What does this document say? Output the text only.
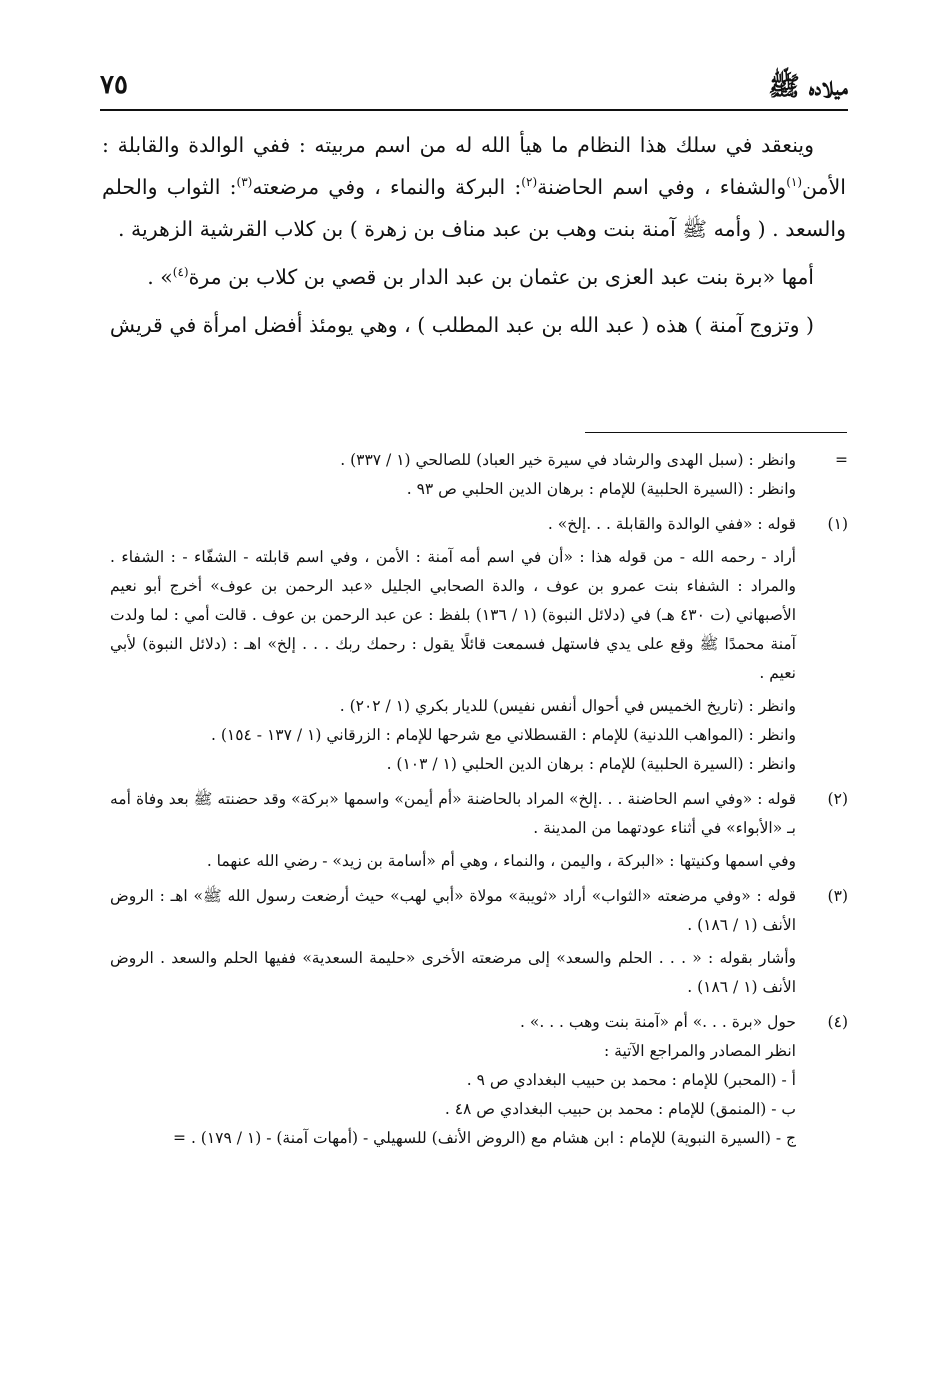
ميلاده ﷺ
٧٥

وينعقد في سلك هذا النظام ما هيأ الله له من اسم مربيته : ففي الوالدة والقابلة : الأمن$^{(١)}$والشفاء ، وفي اسم الحاضنة$^{(٢)}$: البركة والنماء ، وفي مرضعته$^{(٣)}$: الثواب والحلم والسعد . ( وأمه ﷺ آمنة بنت وهب بن عبد مناف بن زهرة ) بن كلاب القرشية الزهرية .

أمها «برة بنت عبد العزى بن عثمان بن عبد الدار بن قصي بن كلاب بن مرة$^{(٤)}$» .

( وتزوج آمنة ) هذه ( عبد الله بن عبد المطلب ) ، وهي يومئذ أفضل امرأة في قريش

=

وانظر : (سبل الهدى والرشاد في سيرة خير العباد) للصالحي (١ / ٣٣٧) .

وانظر : (السيرة الحلبية) للإمام : برهان الدين الحلبي ص ٩٣ .

(١)

قوله : «ففي الوالدة والقابلة . . .إلخ» .

أراد - رحمه الله - من قوله هذا : «أن في اسم أمه آمنة : الأمن ، وفي اسم قابلته - الشفّاء - : الشفاء . والمراد : الشفاء بنت عمرو بن عوف ، والدة الصحابي الجليل «عبد الرحمن بن عوف» أخرج أبو نعيم الأصبهاني (ت ٤٣٠ هـ) في (دلائل النبوة) (١ / ١٣٦) بلفظ : عن عبد الرحمن بن عوف . قالت أمي : لما ولدت آمنة محمدًا ﷺ وقع على يدي فاستهل فسمعت قائلًا يقول : رحمك ربك . . . إلخ» اهـ : (دلائل النبوة) لأبي نعيم .

وانظر : (تاريخ الخميس في أحوال أنفس نفيس) للديار بكري (١ / ٢٠٢) .

وانظر : (المواهب اللدنية) للإمام : القسطلاني مع شرحها للإمام : الزرقاني (١ / ١٣٧ - ١٥٤) .

وانظر : (السيرة الحلبية) للإمام : برهان الدين الحلبي (١ / ١٠٣) .

(٢)

قوله : «وفي اسم الحاضنة . . .إلخ» المراد بالحاضنة «أم أيمن» واسمها «بركة» وقد حضنته ﷺ بعد وفاة أمه بـ «الأبواء» في أثناء عودتهما من المدينة .

وفي اسمها وكنيتها : «البركة ، واليمن ، والنماء ، وهي أم «أسامة بن زيد» - رضي الله عنهما .

(٣)

قوله : «وفي مرضعته «الثواب» أراد «ثويبة» مولاة «أبي لهب» حيث أرضعت رسول الله ﷺ» اهـ : الروض الأنف (١ / ١٨٦) .

وأشار بقوله : « . . . الحلم والسعد» إلى مرضعته الأخرى «حليمة السعدية» ففيها الحلم والسعد . الروض الأنف (١ / ١٨٦) .

(٤)

حول «برة . . .» أم «آمنة بنت وهب . . .» .

انظر المصادر والمراجع الآتية :

أ - (المحبر) للإمام : محمد بن حبيب البغدادي ص ٩ .

ب - (المنمق) للإمام : محمد بن حبيب البغدادي ص ٤٨ .

ج - (السيرة النبوية) للإمام : ابن هشام مع (الروض الأنف) للسهيلي - (أمهات آمنة) - (١ / ١٧٩) . =
